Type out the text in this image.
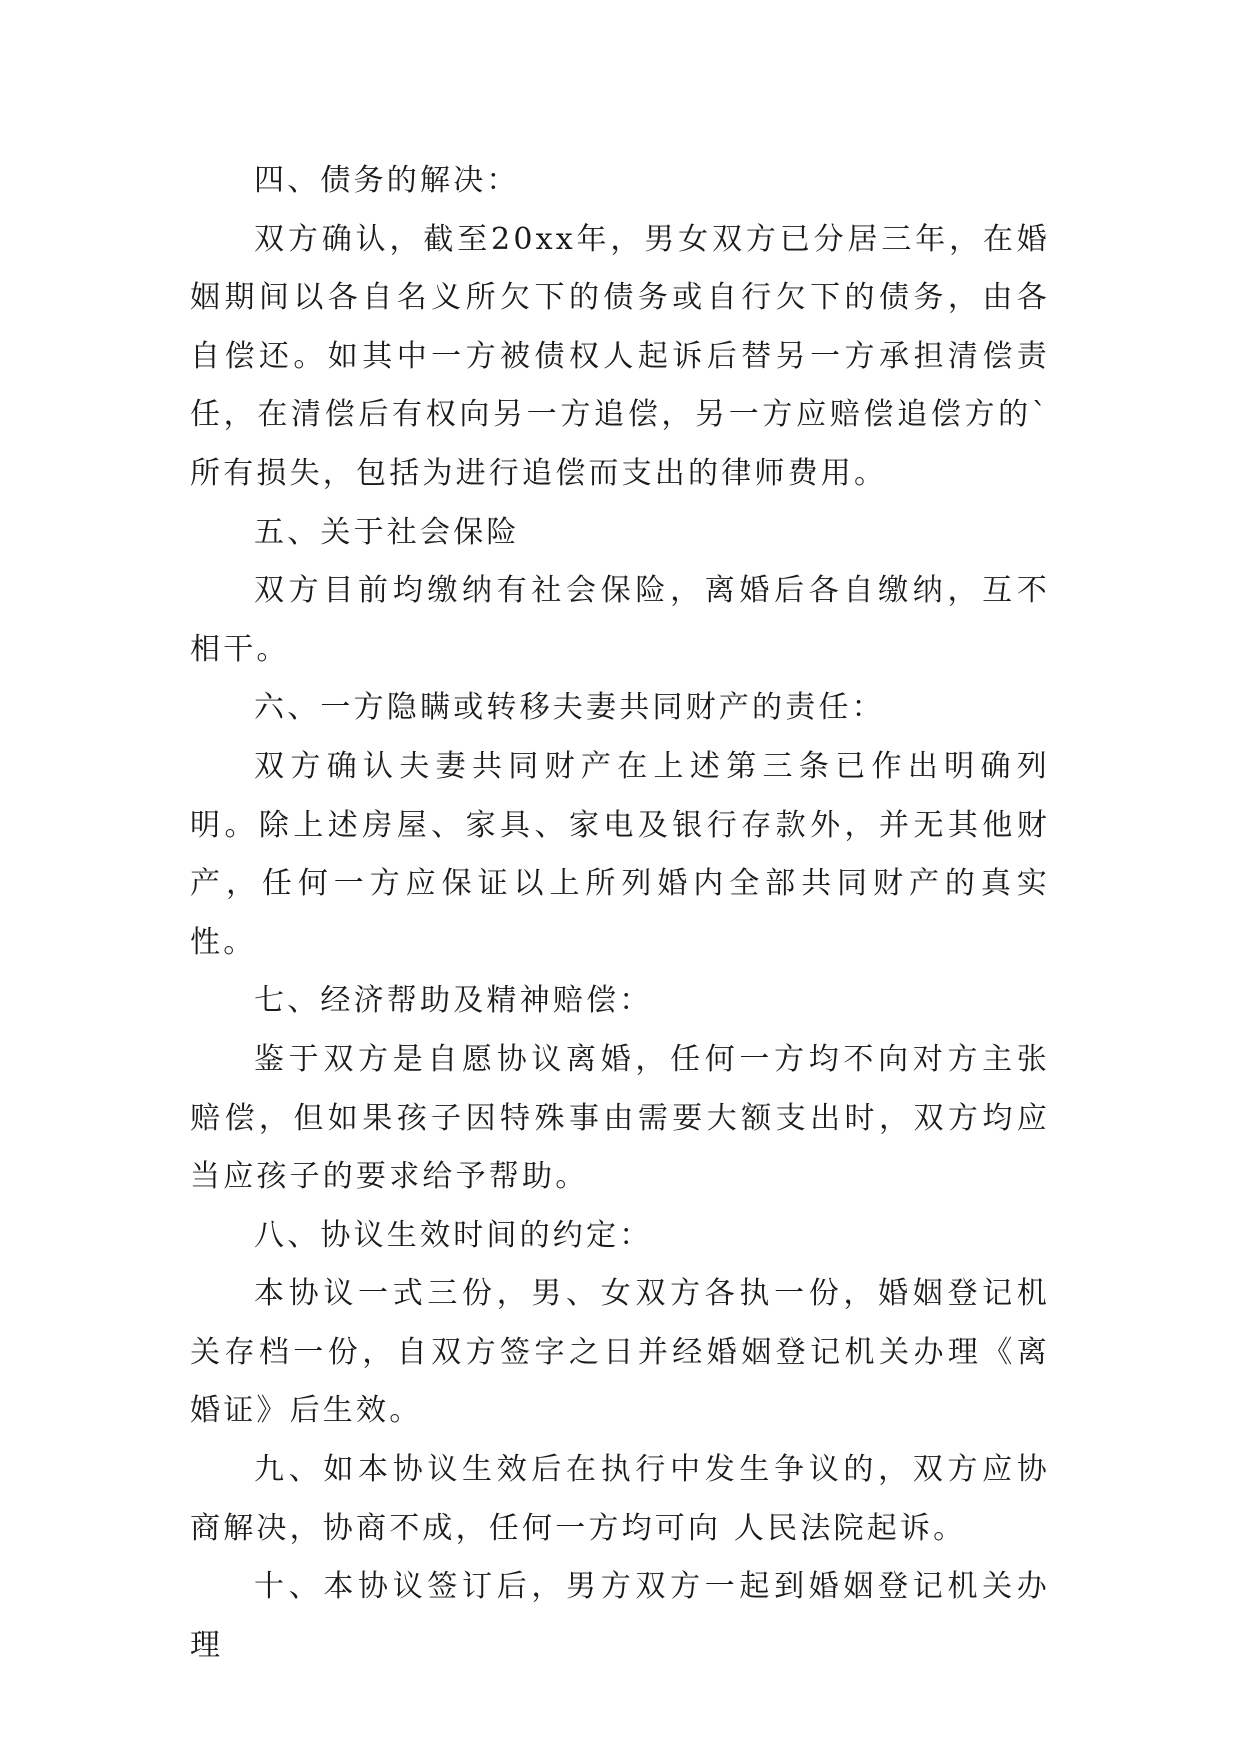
四、债务的解决：

双方确认，截至20xx年，男女双方已分居三年，在婚姻期间以各自名义所欠下的债务或自行欠下的债务，由各自偿还。如其中一方被债权人起诉后替另一方承担清偿责任，在清偿后有权向另一方追偿，另一方应赔偿追偿方的`所有损失，包括为进行追偿而支出的律师费用。

五、关于社会保险

双方目前均缴纳有社会保险，离婚后各自缴纳，互不相干。

六、一方隐瞒或转移夫妻共同财产的责任：

双方确认夫妻共同财产在上述第三条已作出明确列明。除上述房屋、家具、家电及银行存款外，并无其他财产，任何一方应保证以上所列婚内全部共同财产的真实性。

七、经济帮助及精神赔偿：

鉴于双方是自愿协议离婚，任何一方均不向对方主张赔偿，但如果孩子因特殊事由需要大额支出时，双方均应当应孩子的要求给予帮助。

八、协议生效时间的约定：

本协议一式三份，男、女双方各执一份，婚姻登记机关存档一份，自双方签字之日并经婚姻登记机关办理《离婚证》后生效。

九、如本协议生效后在执行中发生争议的，双方应协商解决，协商不成，任何一方均可向 人民法院起诉。

十、本协议签订后，男方双方一起到婚姻登记机关办理
